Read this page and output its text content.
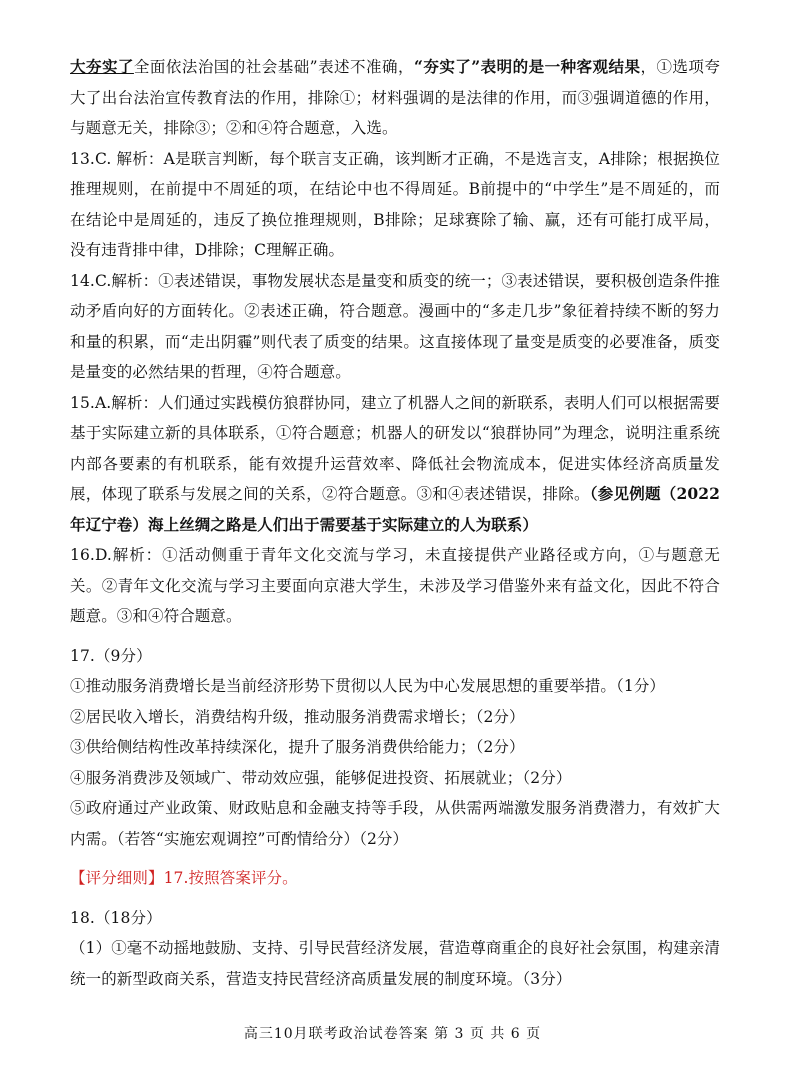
大夯实了全面依法治国的社会基础”表述不准确，“夯实了”表明的是一种客观结果，①选项夸大了出台法治宣传教育法的作用，排除①；材料强调的是法律的作用，而③强调道德的作用，与题意无关，排除③；②和④符合题意，入选。

13.C. 解析：A是联言判断，每个联言支正确，该判断才正确，不是选言支，A排除；根据换位推理规则，在前提中不周延的项，在结论中也不得周延。B前提中的“中学生”是不周延的，而在结论中是周延的，违反了换位推理规则，B排除；足球赛除了输、赢，还有可能打成平局，没有违背排中律，D排除；C理解正确。

14.C.解析：①表述错误，事物发展状态是量变和质变的统一；③表述错误，要积极创造条件推动矛盾向好的方面转化。②表述正确，符合题意。漫画中的“多走几步”象征着持续不断的努力和量的积累，而“走出阴霾”则代表了质变的结果。这直接体现了量变是质变的必要准备，质变是量变的必然结果的哲理，④符合题意。

15.A.解析：人们通过实践模仿狼群协同，建立了机器人之间的新联系，表明人们可以根据需要基于实际建立新的具体联系，①符合题意；机器人的研发以“狼群协同”为理念，说明注重系统内部各要素的有机联系，能有效提升运营效率、降低社会物流成本，促进实体经济高质量发展，体现了联系与发展之间的关系，②符合题意。③和④表述错误，排除。（参见例题（2022年辽宁卷）海上丝绸之路是人们出于需要基于实际建立的人为联系）

16.D.解析：①活动侧重于青年文化交流与学习，未直接提供产业路径或方向，①与题意无关。②青年文化交流与学习主要面向京港大学生，未涉及学习借鉴外来有益文化，因此不符合题意。③和④符合题意。

17.（9分）

①推动服务消费增长是当前经济形势下贯彻以人民为中心发展思想的重要举措。（1分）

②居民收入增长，消费结构升级，推动服务消费需求增长；（2分）

③供给侧结构性改革持续深化，提升了服务消费供给能力；（2分）

④服务消费涉及领域广、带动效应强，能够促进投资、拓展就业；（2分）

⑤政府通过产业政策、财政贴息和金融支持等手段，从供需两端激发服务消费潜力，有效扩大内需。（若答“实施宏观调控”可酌情给分）（2分）

【评分细则】17.按照答案评分。

18.（18分）

（1）①毫不动摇地鼓励、支持、引导民营经济发展，营造尊商重企的良好社会氛围，构建亲清统一的新型政商关系，营造支持民营经济高质量发展的制度环境。（3分）

高三10月联考政治试卷答案 第 3 页 共 6 页
